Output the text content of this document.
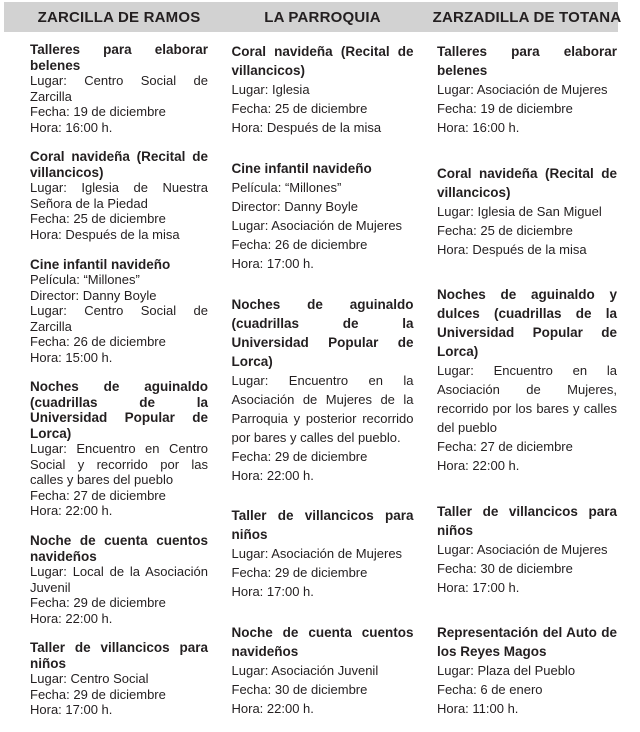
ZARCILLA DE RAMOS	LA PARROQUIA	ZARZADILLA DE TOTANA
Talleres para elaborar belenes
Lugar: Centro Social de Zarcilla
Fecha: 19 de diciembre
Hora: 16:00 h.
Coral navideña (Recital de villancicos)
Lugar: Iglesia de Nuestra Señora de la Piedad
Fecha: 25 de diciembre
Hora: Después de la misa
Cine infantil navideño
Película: “Millones”
Director: Danny Boyle
Lugar: Centro Social de Zarcilla
Fecha: 26 de diciembre
Hora: 15:00 h.
Noches de aguinaldo (cuadrillas de la Universidad Popular de Lorca)
Lugar: Encuentro en Centro Social y recorrido por las calles y bares del pueblo
Fecha: 27 de diciembre
Hora: 22:00 h.
Noche de cuenta cuentos navideños
Lugar: Local de la Asociación Juvenil
Fecha: 29 de diciembre
Hora: 22:00 h.
Taller de villancicos para niños
Lugar: Centro Social
Fecha: 29 de diciembre
Hora: 17:00 h.
Coral navideña (Recital de villancicos)
Lugar: Iglesia
Fecha: 25 de diciembre
Hora: Después de la misa
Cine infantil navideño
Película: “Millones”
Director: Danny Boyle
Lugar: Asociación de Mujeres
Fecha: 26 de diciembre
Hora: 17:00 h.
Noches de aguinaldo (cuadrillas de la Universidad Popular de Lorca)
Lugar: Encuentro en la Asociación de Mujeres de la Parroquia y posterior recorrido por bares y calles del pueblo.
Fecha: 29 de diciembre
Hora: 22:00 h.
Taller de villancicos para niños
Lugar: Asociación de Mujeres
Fecha: 29 de diciembre
Hora: 17:00 h.
Noche de cuenta cuentos navideños
Lugar: Asociación Juvenil
Fecha: 30 de diciembre
Hora: 22:00 h.
Talleres para elaborar belenes
Lugar: Asociación de Mujeres
Fecha: 19 de diciembre
Hora: 16:00 h.
Coral navideña (Recital de villancicos)
Lugar: Iglesia de San Miguel
Fecha: 25 de diciembre
Hora: Después de la misa
Noches de aguinaldo y dulces (cuadrillas de la Universidad Popular de Lorca)
Lugar: Encuentro en la Asociación de Mujeres, recorrido por los bares y calles del pueblo
Fecha: 27 de diciembre
Hora: 22:00 h.
Taller de villancicos para niños
Lugar: Asociación de Mujeres
Fecha: 30 de diciembre
Hora: 17:00 h.
Representación del Auto de los Reyes Magos
Lugar: Plaza del Pueblo
Fecha: 6 de enero
Hora: 11:00 h.
